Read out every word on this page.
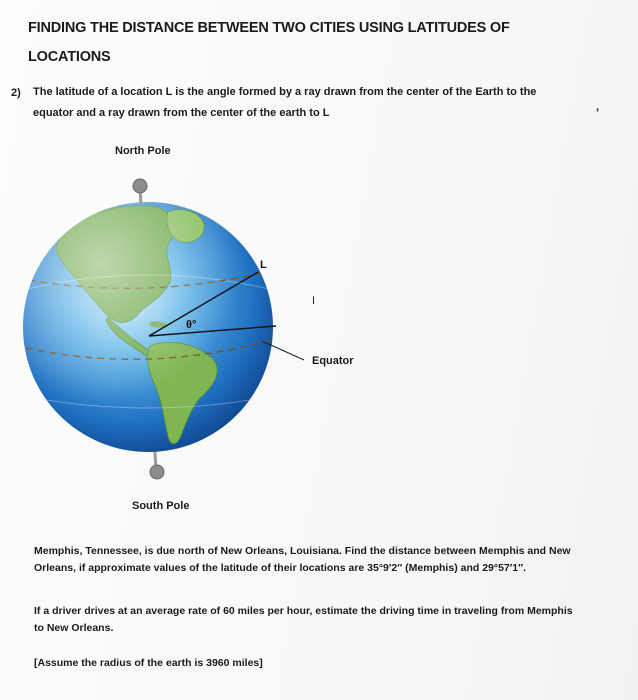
FINDING THE DISTANCE BETWEEN TWO CITIES USING LATITUDES OF LOCATIONS
2) The latitude of a location L is the angle formed by a ray drawn from the center of the Earth to the equator and a ray drawn from the center of the earth to L	,
L
θ°
I
North Pole
Equator
South Pole
Memphis, Tennessee, is due north of New Orleans, Louisiana. Find the distance between Memphis and New Orleans, if approximate values of the latitude of their locations are 35°9′2″ (Memphis) and 29°57′1″.
If a driver drives at an average rate of 60 miles per hour, estimate the driving time in traveling from Memphis to New Orleans.
[Assume the radius of the earth is 3960 miles]
